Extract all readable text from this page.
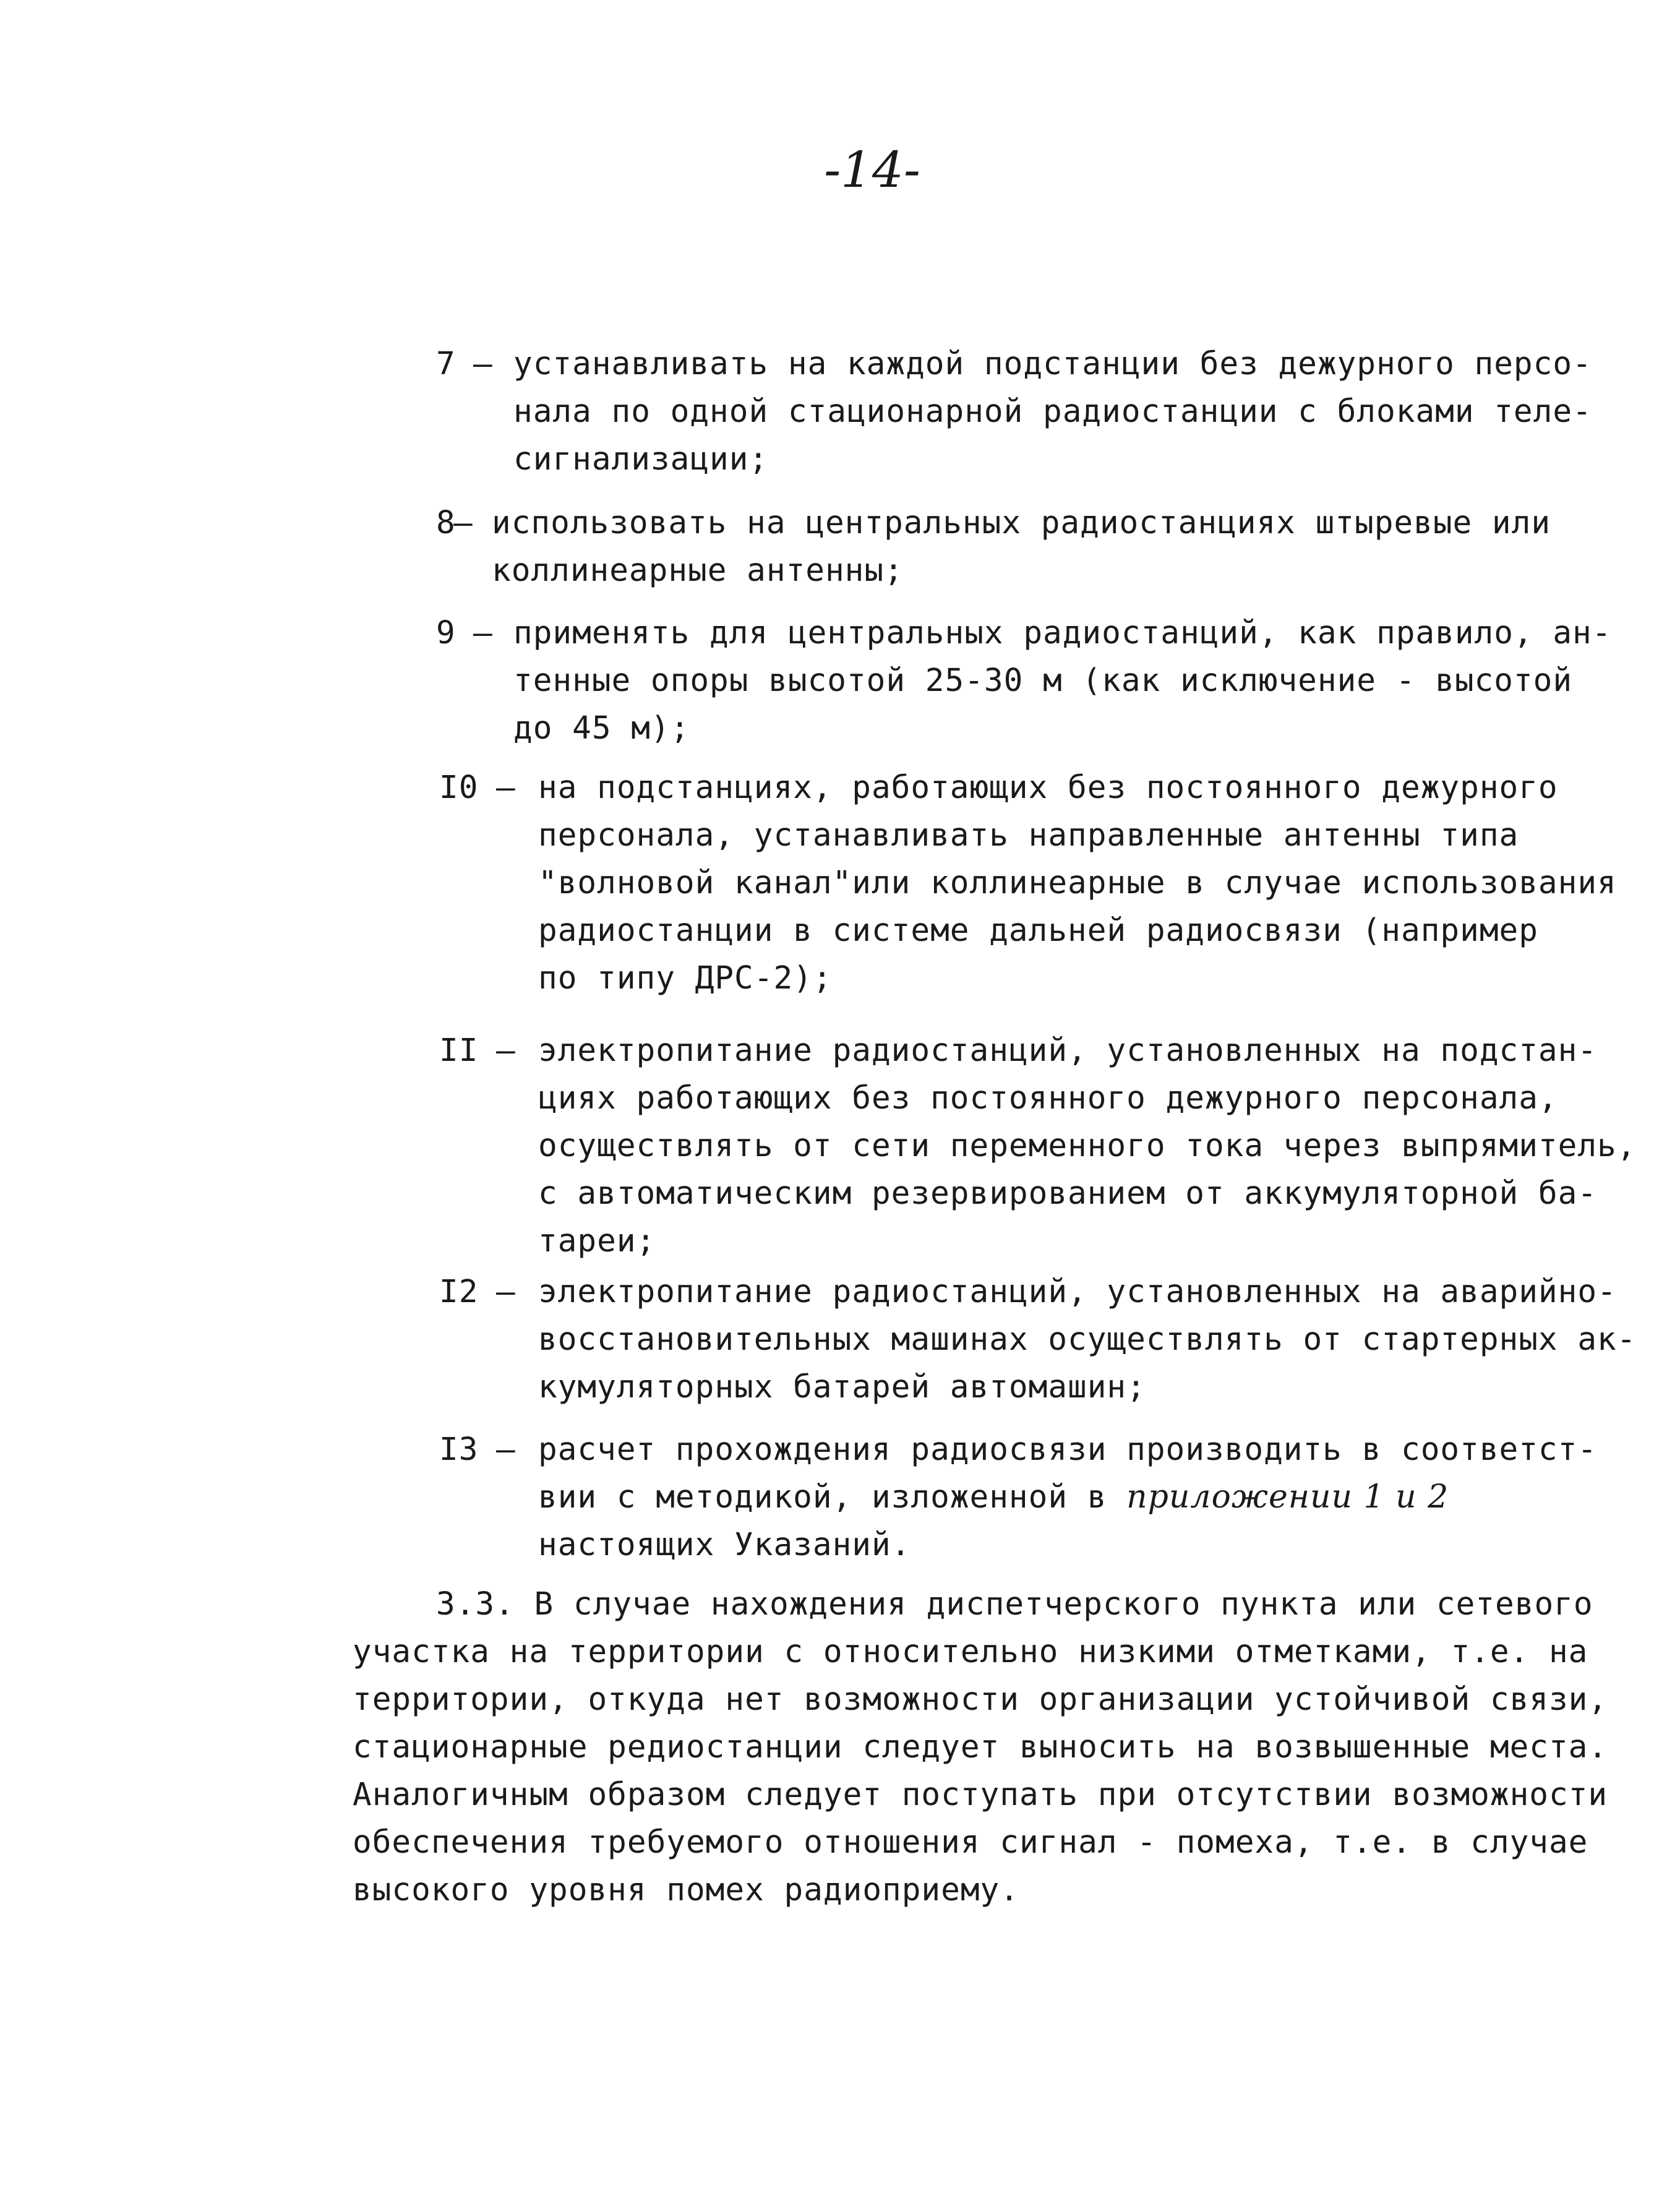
-14-
7 – устанавливать на каждой подстанции без дежурного персо-
нала по одной стационарной радиостанции с блоками теле-
сигнализации;
8
– использовать на центральных радиостанциях штыревые или
коллинеарные антенны;
9 – применять для центральных радиостанций, как правило, ан-
тенные опоры высотой 25-30 м (как исключение - высотой
до 45 м);
I0 – на подстанциях, работающих без постоянного дежурного
персонала, устанавливать направленные антенны типа
"волновой канал"или коллинеарные в случае использования
радиостанции в системе дальней радиосвязи (например
по типу ДРС-2);
II – электропитание радиостанций, установленных на подстан-
циях работающих без постоянного дежурного персонала,
осуществлять от сети переменного тока через выпрямитель,
с автоматическим резервированием от аккумуляторной ба-
тареи;
I2 – электропитание радиостанций, установленных на аварийно-
восстановительных машинах осуществлять от стартерных ак-
кумуляторных батарей автомашин;
I3 – расчет прохождения радиосвязи производить в соответст-
вии с методикой, изложенной в приложении 1 и 2
настоящих Указаний.
3.3. В случае нахождения диспетчерского пункта или сетевого
участка на территории с относительно низкими отметками, т.е. на
территории, откуда нет возможности организации устойчивой связи,
стационарные редиостанции следует выносить на возвышенные места.
Аналогичным образом следует поступать при отсутствии возможности
обеспечения требуемого отношения сигнал - помеха, т.е. в случае
высокого уровня помех радиоприему.
